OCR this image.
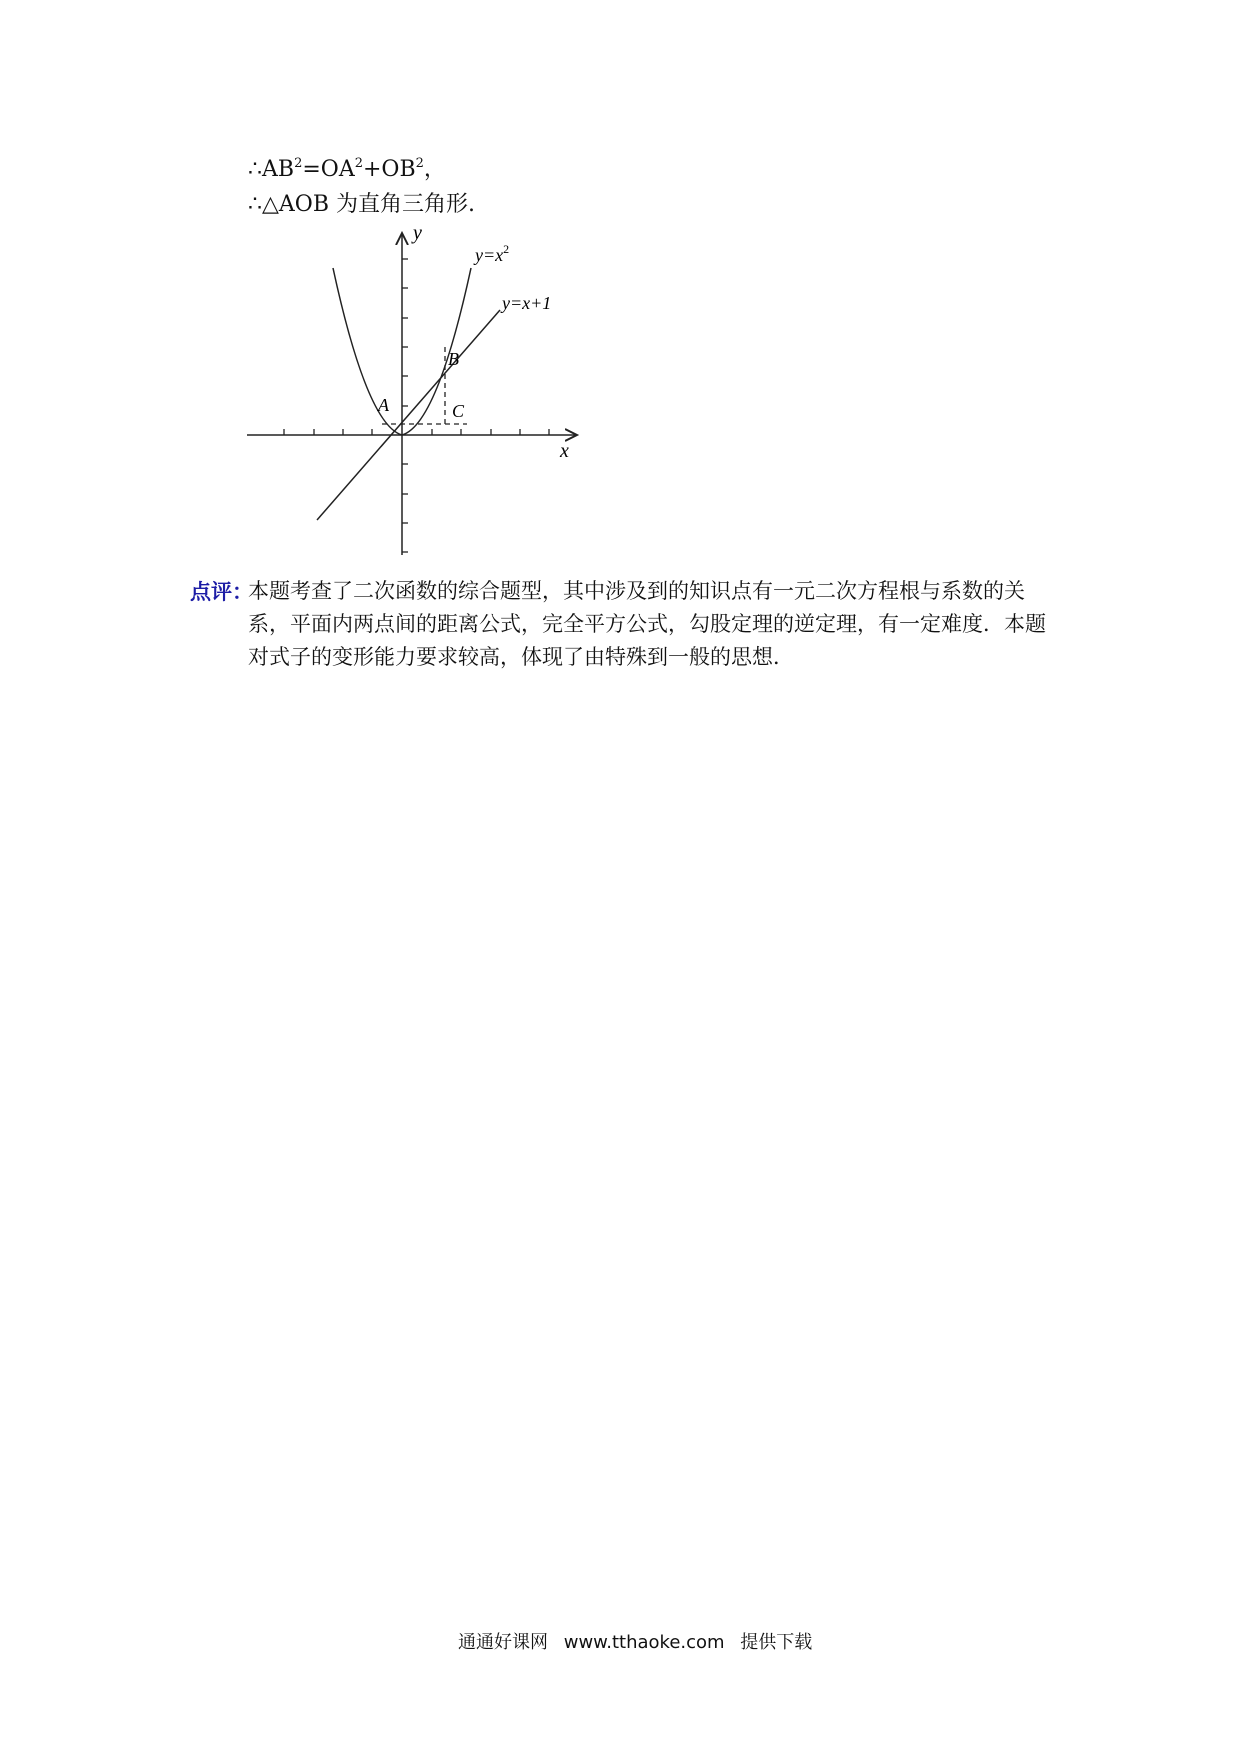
$\therefore AB^2=OA^2+OB^2$，
∴△AOB 为直角三角形.
y
x
$y=x^2$
y=x+1
A
B
C
点评：
本题考查了二次函数的综合题型，其中涉及到的知识点有一元二次方程根与系数的关系，平面内两点间的距离公式，完全平方公式，勾股定理的逆定理，有一定难度．本题对式子的变形能力要求较高，体现了由特殊到一般的思想．
通通好课网 www.tthaoke.com 提供下载
